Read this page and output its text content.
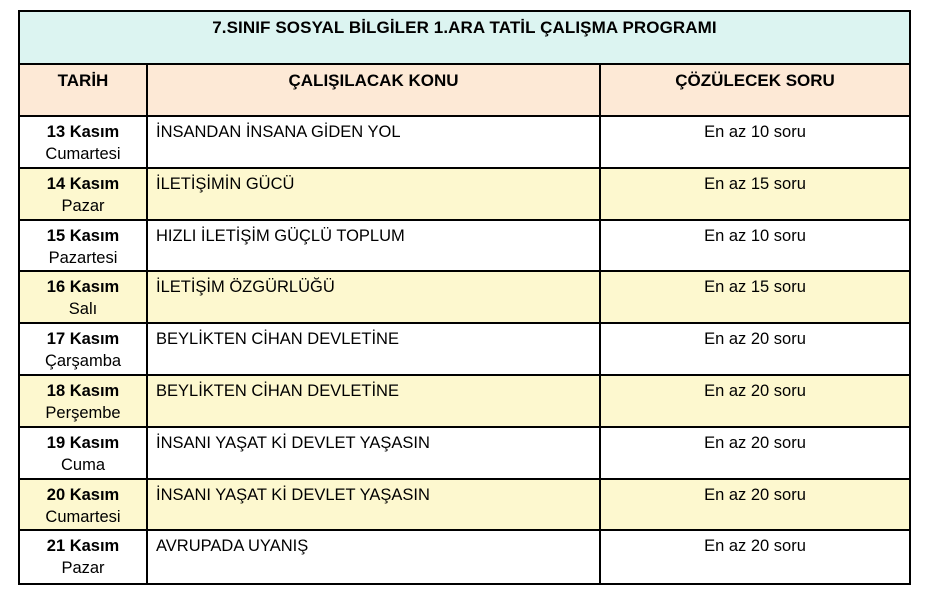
7.SINIF SOSYAL BİLGİLER 1.ARA TATİL ÇALIŞMA PROGRAMI
TARİH	ÇALIŞILACAK KONU	ÇÖZÜLECEK SORU
13 Kasım
Cumartesi
İNSANDAN İNSANA GİDEN YOL	En az 10 soru
14 Kasım
Pazar
İLETİŞİMİN GÜCÜ	En az 15 soru
15 Kasım
Pazartesi
HIZLI İLETİŞİM GÜÇLÜ TOPLUM	En az 10 soru
16 Kasım
Salı
İLETİŞİM ÖZGÜRLÜĞÜ	En az 15 soru
17 Kasım
Çarşamba
BEYLİKTEN CİHAN DEVLETİNE	En az 20 soru
18 Kasım
Perşembe
BEYLİKTEN CİHAN DEVLETİNE	En az 20 soru
19 Kasım
Cuma
İNSANI YAŞAT Kİ DEVLET YAŞASIN	En az 20 soru
20 Kasım
Cumartesi
İNSANI YAŞAT Kİ DEVLET YAŞASIN	En az 20 soru
21 Kasım
Pazar
AVRUPADA UYANIŞ	En az 20 soru
